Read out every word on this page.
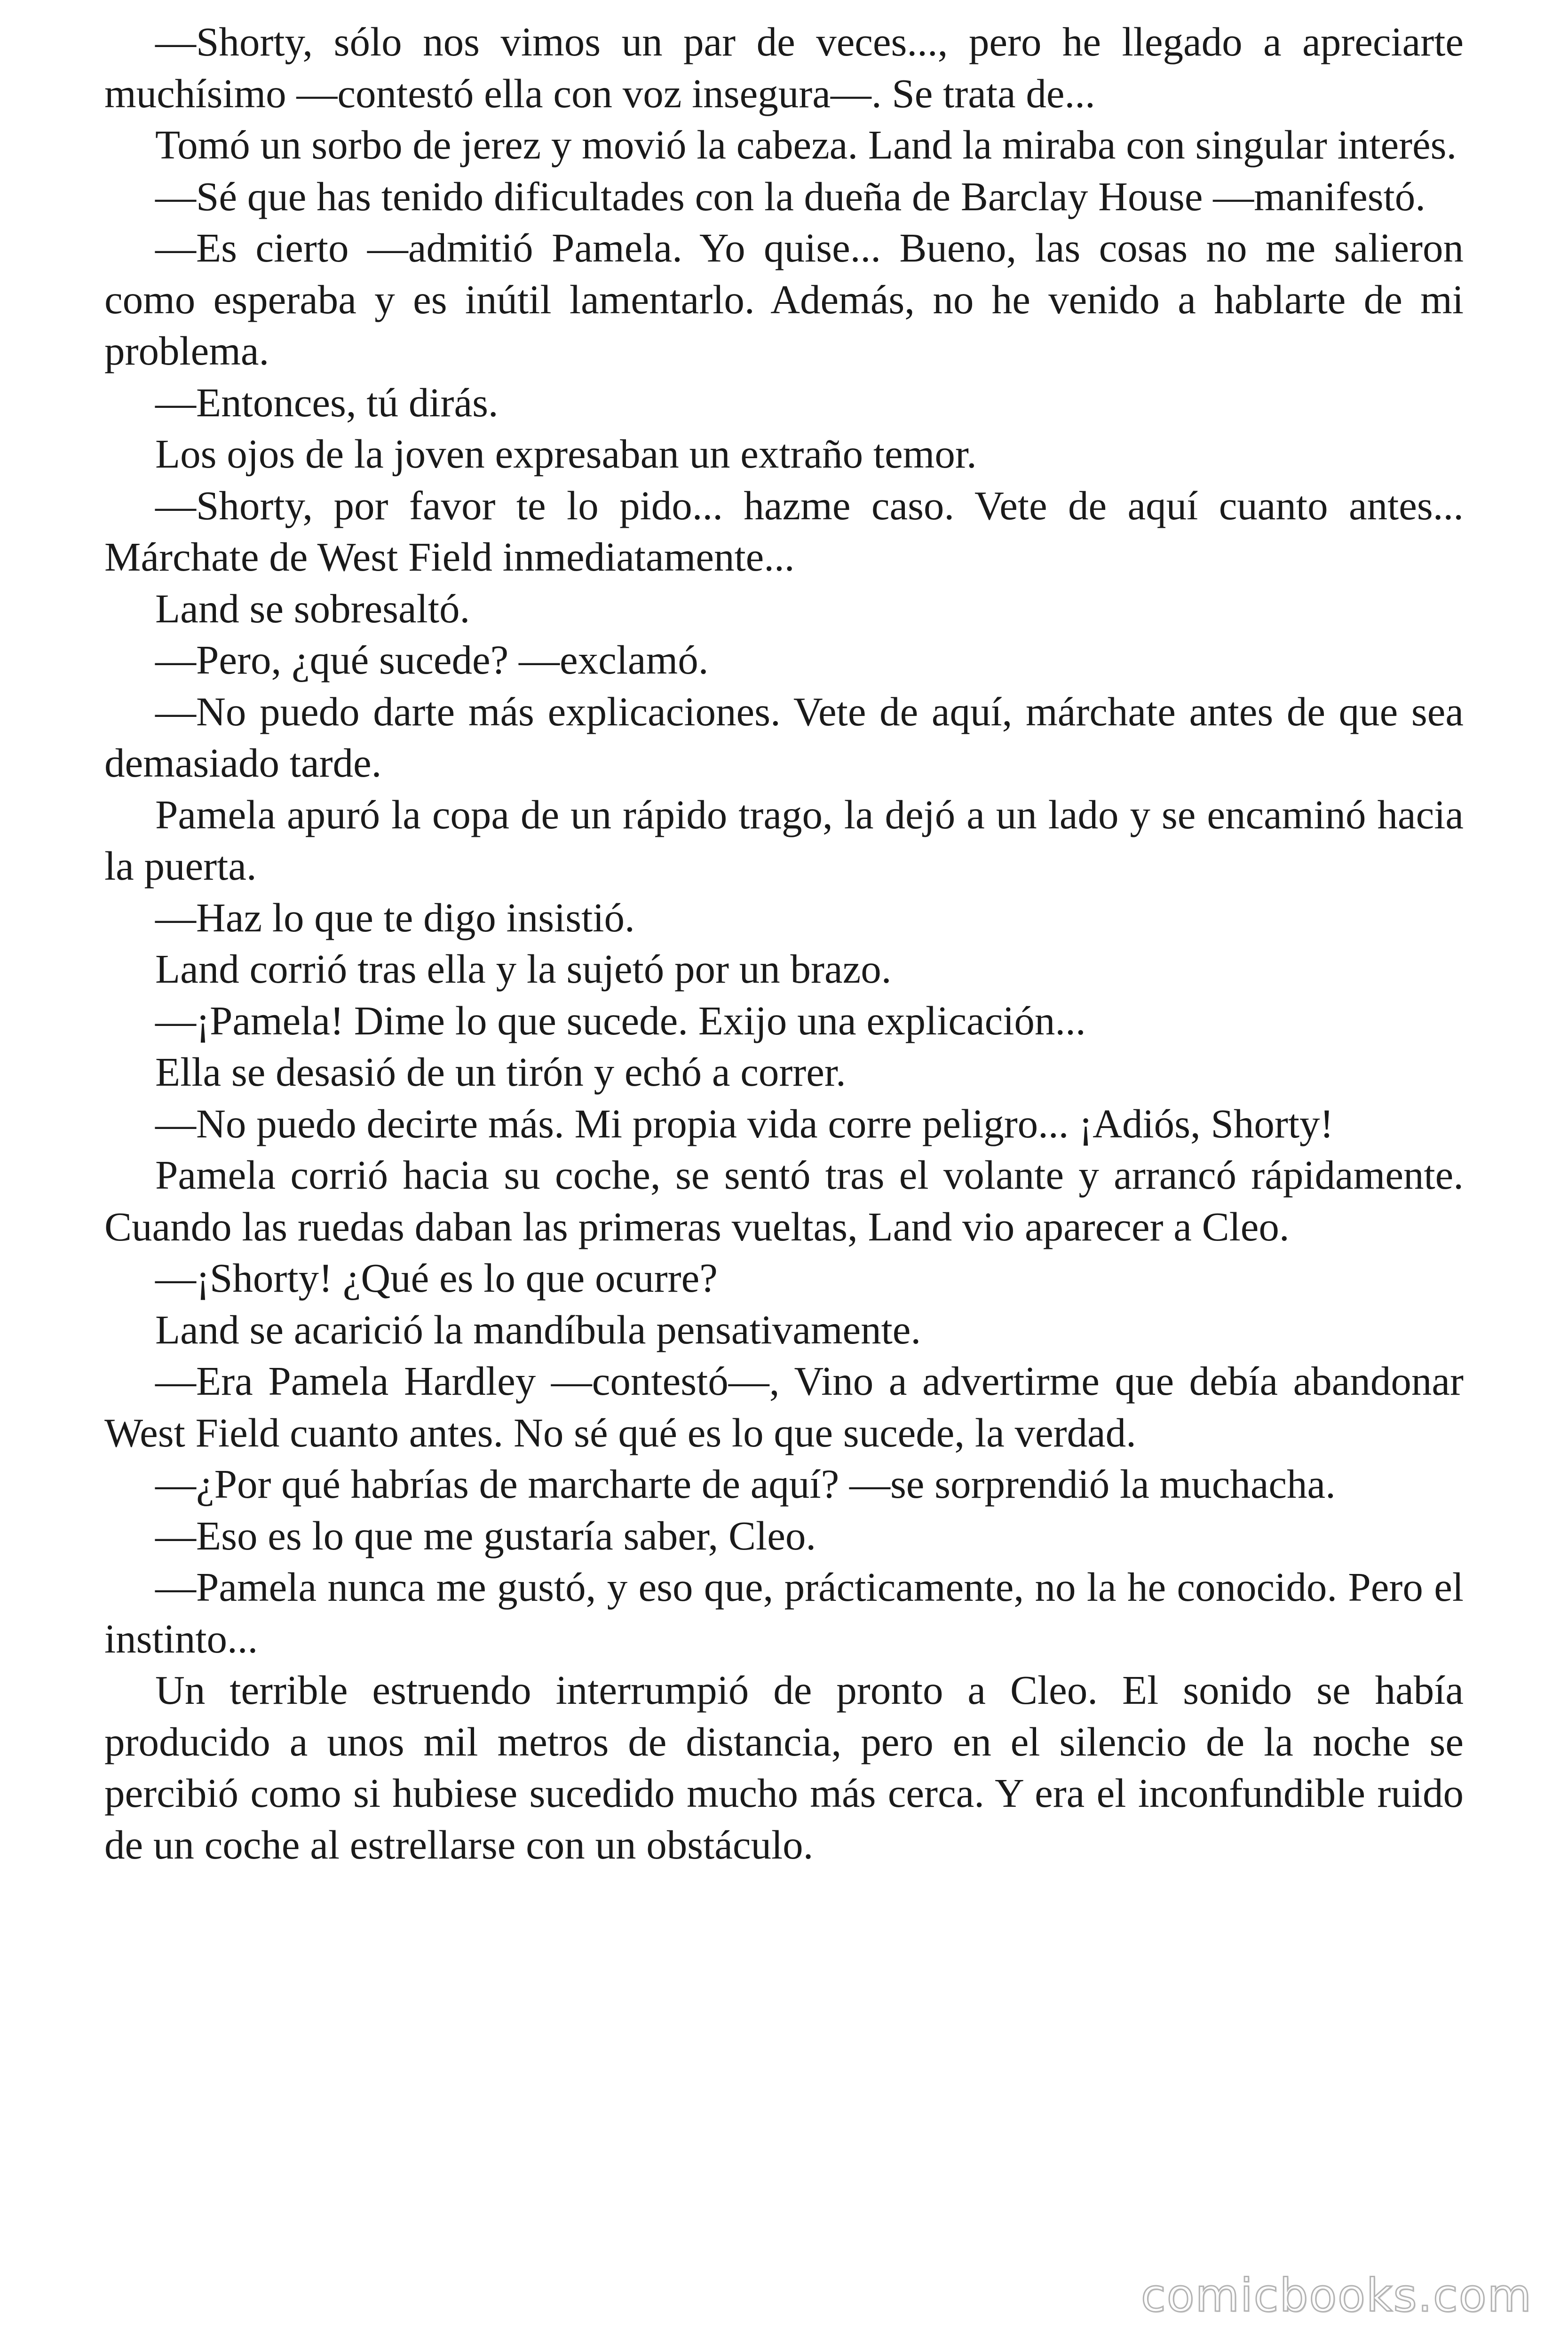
—Shorty, sólo nos vimos un par de veces..., pero he llegado a apreciarte muchísimo —contestó ella con voz insegura—. Se trata de...

Tomó un sorbo de jerez y movió la cabeza. Land la miraba con singular interés.

—Sé que has tenido dificultades con la dueña de Barclay House —manifestó.

—Es cierto —admitió Pamela. Yo quise... Bueno, las cosas no me salieron como esperaba y es inútil lamentarlo. Además, no he venido a hablarte de mi problema.

—Entonces, tú dirás.

Los ojos de la joven expresaban un extraño temor.

—Shorty, por favor te lo pido... hazme caso. Vete de aquí cuanto antes... Márchate de West Field inmediatamente...

Land se sobresaltó.

—Pero, ¿qué sucede? —exclamó.

—No puedo darte más explicaciones. Vete de aquí, márchate antes de que sea demasiado tarde.

Pamela apuró la copa de un rápido trago, la dejó a un lado y se encaminó hacia la puerta.

—Haz lo que te digo insistió.

Land corrió tras ella y la sujetó por un brazo.

—¡Pamela! Dime lo que sucede. Exijo una explicación...

Ella se desasió de un tirón y echó a correr.

—No puedo decirte más. Mi propia vida corre peligro... ¡Adiós, Shorty!

Pamela corrió hacia su coche, se sentó tras el volante y arrancó rápidamente. Cuando las ruedas daban las primeras vueltas, Land vio aparecer a Cleo.

—¡Shorty! ¿Qué es lo que ocurre?

Land se acarició la mandíbula pensativamente.

—Era Pamela Hardley —contestó—, Vino a advertirme que debía abandonar West Field cuanto antes. No sé qué es lo que sucede, la verdad.

—¿Por qué habrías de marcharte de aquí? —se sorprendió la muchacha.

—Eso es lo que me gustaría saber, Cleo.

—Pamela nunca me gustó, y eso que, prácticamente, no la he conocido. Pero el instinto...

Un terrible estruendo interrumpió de pronto a Cleo. El sonido se había producido a unos mil metros de distancia, pero en el silencio de la noche se percibió como si hubiese sucedido mucho más cerca. Y era el inconfundible ruido de un coche al estrellarse con un obstáculo.

comicbooks.com
